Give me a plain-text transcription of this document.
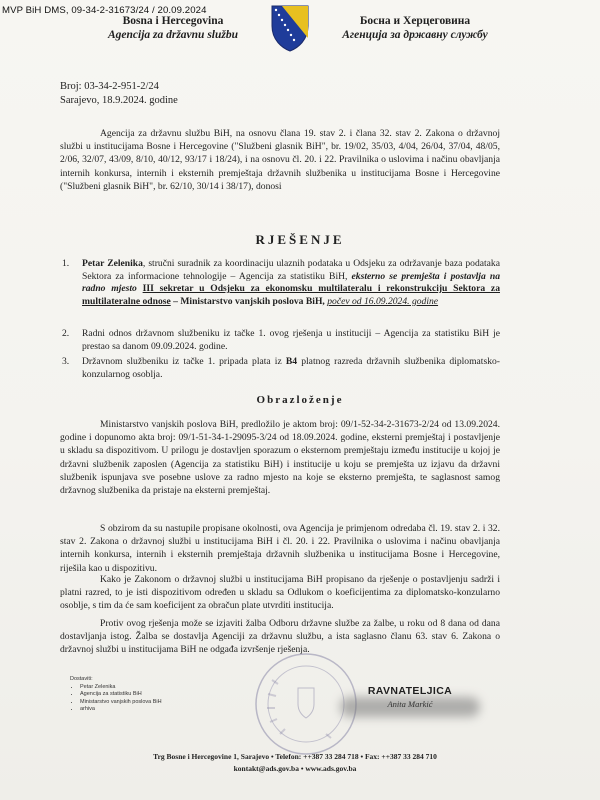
MVP BiH DMS, 09-34-2-31673/24 / 20.09.2024
Bosna i Hercegovina
Agencija za državnu službu
Босна и Херцеговина
Агенција за државну службу
Broj: 03-34-2-951-2/24
Sarajevo, 18.9.2024. godine
Agencija za državnu službu BiH, na osnovu člana 19. stav 2. i člana 32. stav 2. Zakona o državnoj službi u institucijama Bosne i Hercegovine ("Službeni glasnik BiH", br. 19/02, 35/03, 4/04, 26/04, 37/04, 48/05, 2/06, 32/07, 43/09, 8/10, 40/12, 93/17 i 18/24), i na osnovu čl. 20. i 22. Pravilnika o uslovima i načinu obavljanja internih konkursa, internih i eksternih premještaja državnih službenika u institucijama Bosne i Hercegovine ("Službeni glasnik BiH", br. 62/10, 30/14 i 38/17), donosi
RJEŠENJE
1. Petar Zelenika, stručni suradnik za koordinaciju ulaznih podataka u Odsjeku za održavanje baza podataka Sektora za informacione tehnologije – Agencija za statistiku BiH, eksterno se premješta i postavlja na radno mjesto III sekretar u Odsjeku za ekonomsku multilateralu i rekonstrukciju Sektora za multilateralne odnose – Ministarstvo vanjskih poslova BiH, počev od 16.09.2024. godine
2. Radni odnos državnom službeniku iz tačke 1. ovog rješenja u instituciji – Agencija za statistiku BiH je prestao sa danom 09.09.2024. godine.
3. Državnom službeniku iz tačke 1. pripada plata iz B4 platnog razreda državnih službenika diplomatsko-konzularnog osoblja.
Obrazloženje
Ministarstvo vanjskih poslova BiH, predložilo je aktom broj: 09/1-52-34-2-31673-2/24 od 13.09.2024. godine i dopunomo akta broj: 09/1-51-34-1-29095-3/24 od 18.09.2024. godine, eksterni premještaj i postavljenje u skladu sa dispozitivom. U prilogu je dostavljen sporazum o eksternom premještaju između institucije u kojoj je državni službenik zaposlen (Agencija za statistiku BiH) i institucije u koju se premješta uz izjavu da državni službenik ispunjava sve posebne uslove za radno mjesto na koje se eksterno premješta, te saglasnost samog državnog službenika da pristaje na eksterni premještaj.
S obzirom da su nastupile propisane okolnosti, ova Agencija je primjenom odredaba čl. 19. stav 2. i 32. stav 2. Zakona o državnoj službi u institucijama BiH i čl. 20. i 22. Pravilnika o uslovima i načinu obavljanja internih konkursa, internih i eksternih premještaja državnih službenika u institucijama Bosne i Hercegovine, riješila kao u dispozitivu.
Kako je Zakonom o državnoj službi u institucijama BiH propisano da rješenje o postavljenju sadrži i platni razred, to je isti dispozitivom određen u skladu sa Odlukom o koeficijentima za diplomatsko-konzularno osoblje, s tim da će sam koeficijent za obračun plate utvrditi institucija.
Protiv ovog rješenja može se izjaviti žalba Odboru državne službe za žalbe, u roku od 8 dana od dana dostavljanja istog. Žalba se dostavlja Agenciji za državnu službu, a ista saglasno članu 63. stav 6. Zakona o državnoj službi u institucijama BiH ne odgađa izvršenje rješenja.
Dostaviti:
• Petar Zelenika
• Agencija za statistiku BiH
• Ministarstvo vanjskih poslova BiH
• arhiva
RAVNATELJICA
Anita Markić
Trg Bosne i Hercegovine 1, Sarajevo • Telefon: ++387 33 284 718 • Fax: ++387 33 284 710
kontakt@ads.gov.ba • www.ads.gov.ba
